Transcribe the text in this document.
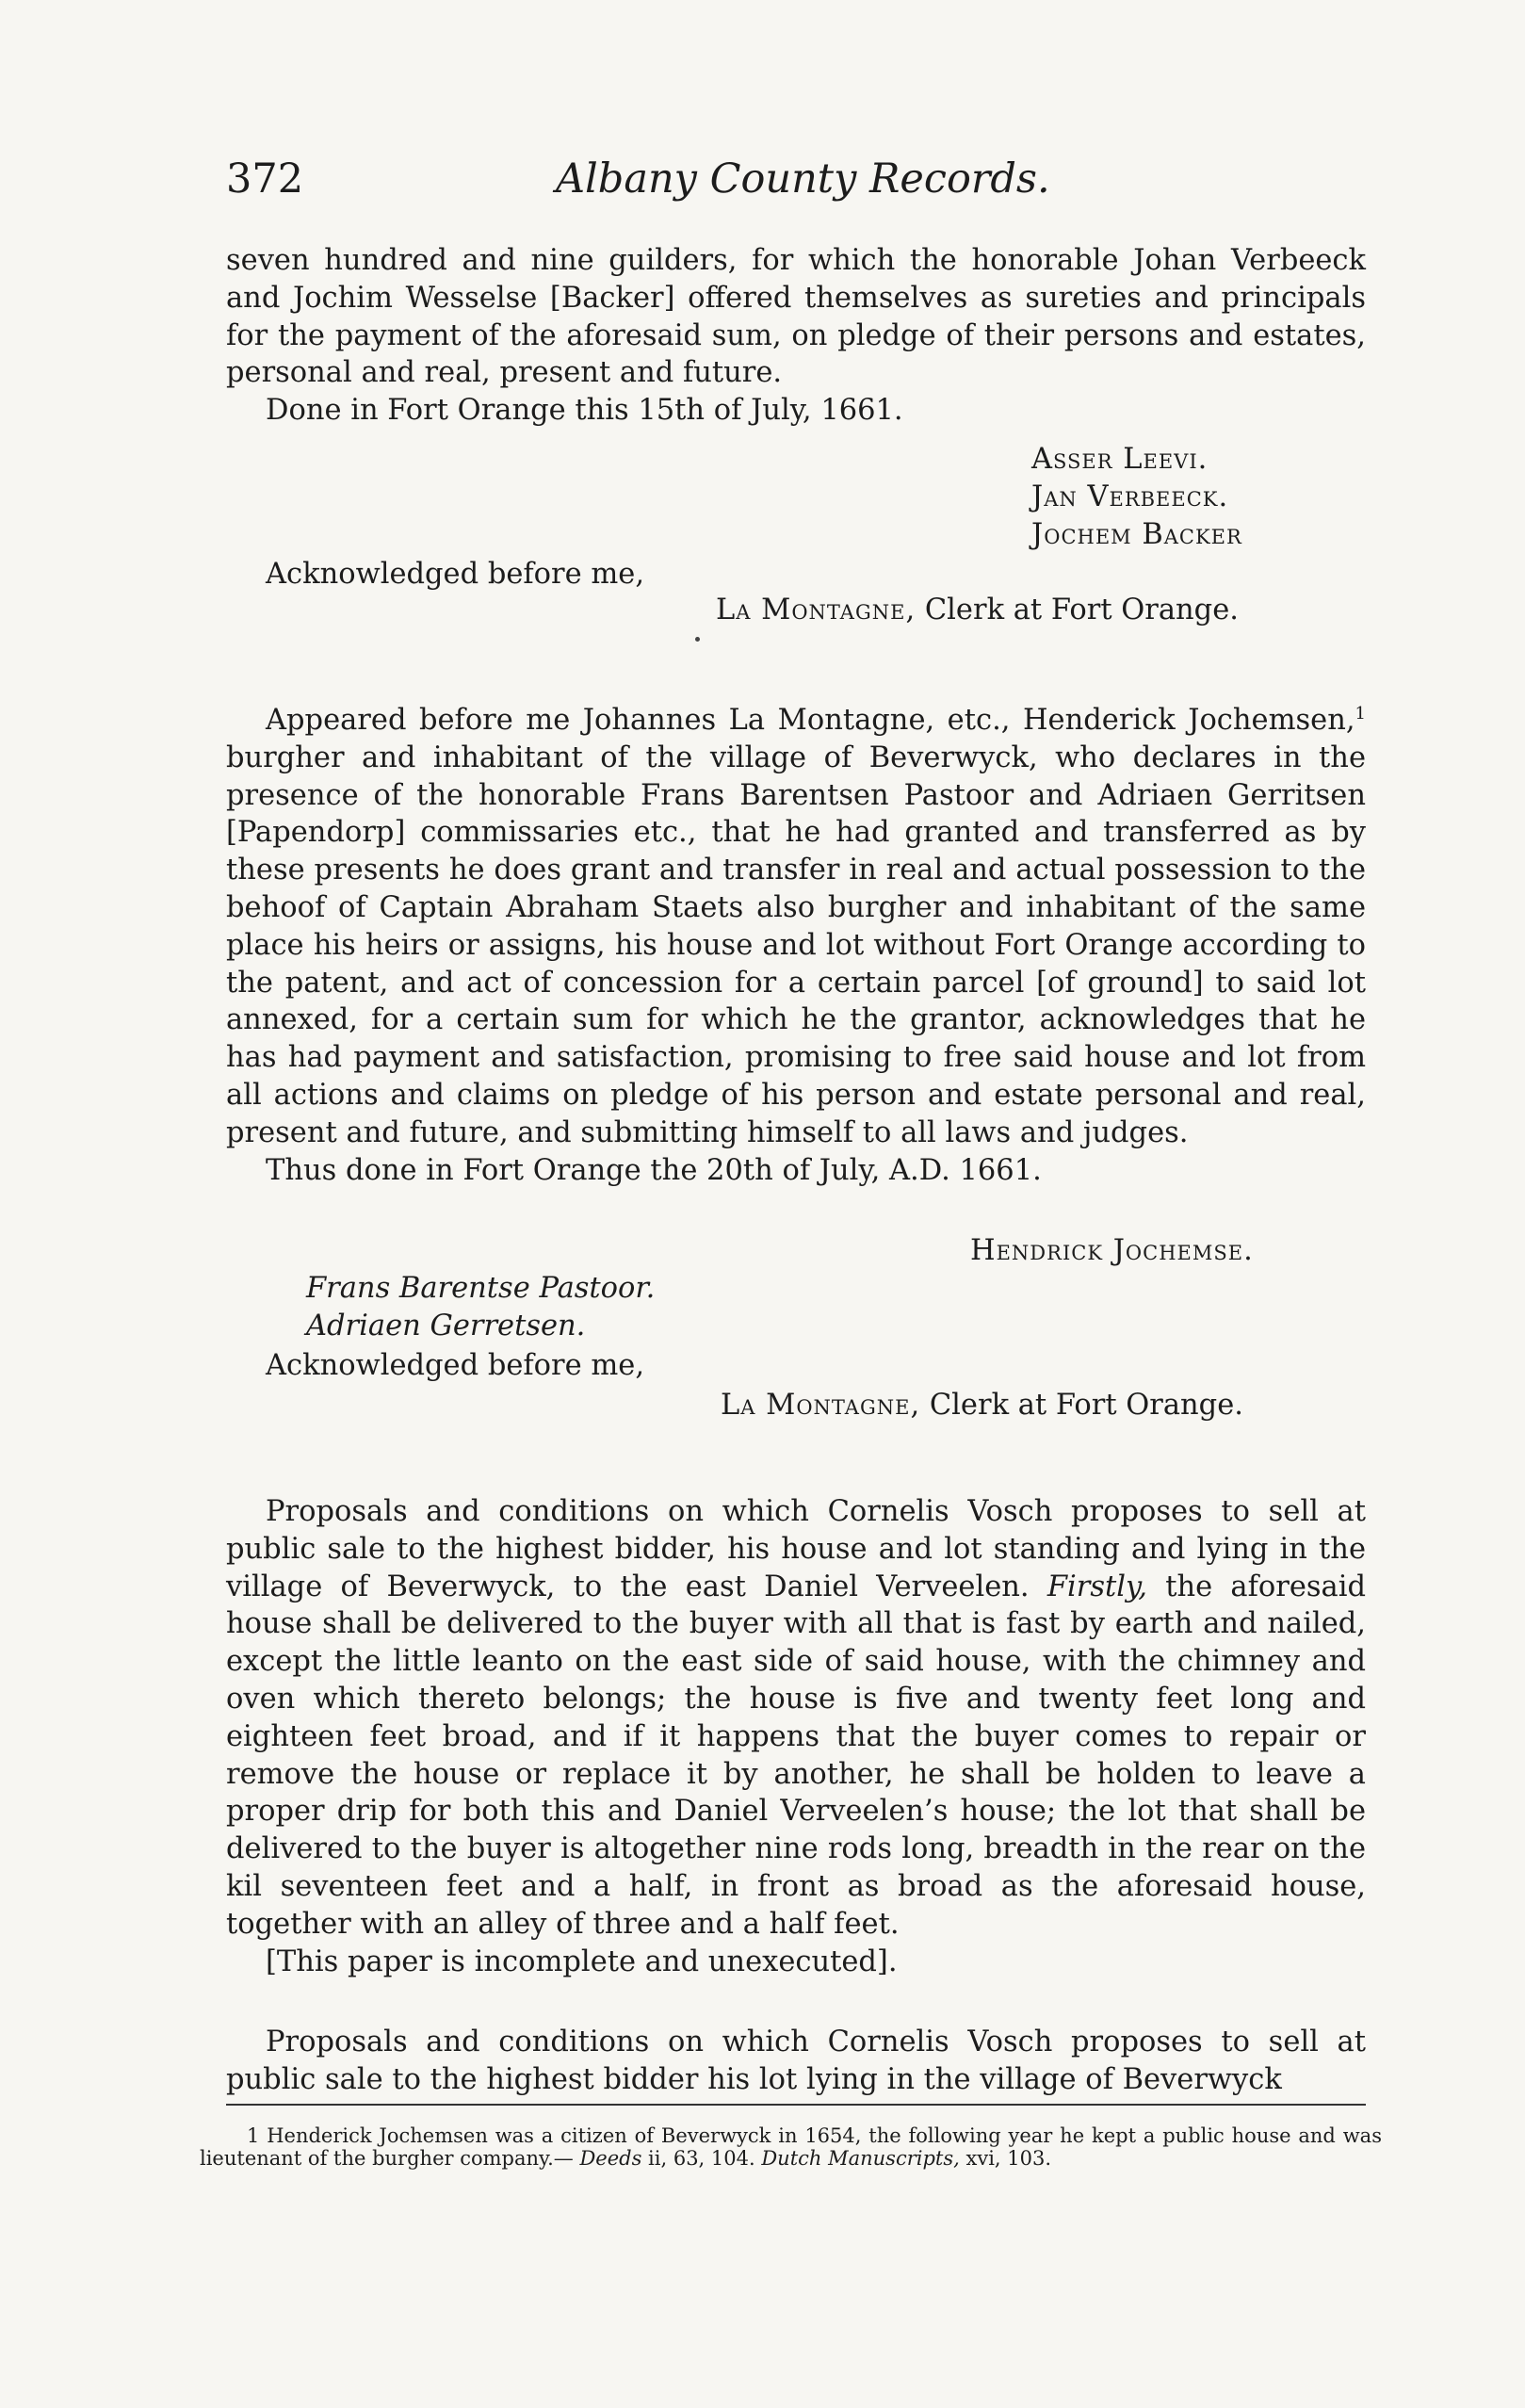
372	Albany County Records.

seven hundred and nine guilders, for which the honorable Johan Verbeeck and Jochim Wesselse [Backer] offered themselves as sureties and principals for the payment of the aforesaid sum, on pledge of their persons and estates, personal and real, present and future.

Done in Fort Orange this 15th of July, 1661.

Asser Leevi.
Jan Verbeeck.
Jochem Backer
Acknowledged before me,
La Montagne, Clerk at Fort Orange.

Appeared before me Johannes La Montagne, etc., Henderick Jochemsen,$^1$ burgher and inhabitant of the village of Beverwyck, who declares in the presence of the honorable Frans Barentsen Pastoor and Adriaen Gerritsen [Papendorp] commissaries etc., that he had granted and transferred as by these presents he does grant and transfer in real and actual possession to the behoof of Captain Abraham Staets also burgher and inhabitant of the same place his heirs or assigns, his house and lot without Fort Orange according to the patent, and act of concession for a certain parcel [of ground] to said lot annexed, for a certain sum for which he the grantor, acknowledges that he has had payment and satisfaction, promising to free said house and lot from all actions and claims on pledge of his person and estate personal and real, present and future, and submitting himself to all laws and judges.

Thus done in Fort Orange the 20th of July, A.D. 1661.

Hendrick Jochemse.
Frans Barentse Pastoor.
Adriaen Gerretsen.
Acknowledged before me,
La Montagne, Clerk at Fort Orange.

Proposals and conditions on which Cornelis Vosch proposes to sell at public sale to the highest bidder, his house and lot standing and lying in the village of Beverwyck, to the east Daniel Verveelen. Firstly, the aforesaid house shall be delivered to the buyer with all that is fast by earth and nailed, except the little leanto on the east side of said house, with the chimney and oven which thereto belongs; the house is five and twenty feet long and eighteen feet broad, and if it happens that the buyer comes to repair or remove the house or replace it by another, he shall be holden to leave a proper drip for both this and Daniel Verveelen’s house; the lot that shall be delivered to the buyer is altogether nine rods long, breadth in the rear on the kil seventeen feet and a half, in front as broad as the aforesaid house, together with an alley of three and a half feet.

[This paper is incomplete and unexecuted].

Proposals and conditions on which Cornelis Vosch proposes to sell at public sale to the highest bidder his lot lying in the village of Beverwyck

1 Henderick Jochemsen was a citizen of Beverwyck in 1654, the following year he kept a public house and was lieutenant of the burgher company.— Deeds ii, 63, 104. Dutch Manuscripts, xvi, 103.
